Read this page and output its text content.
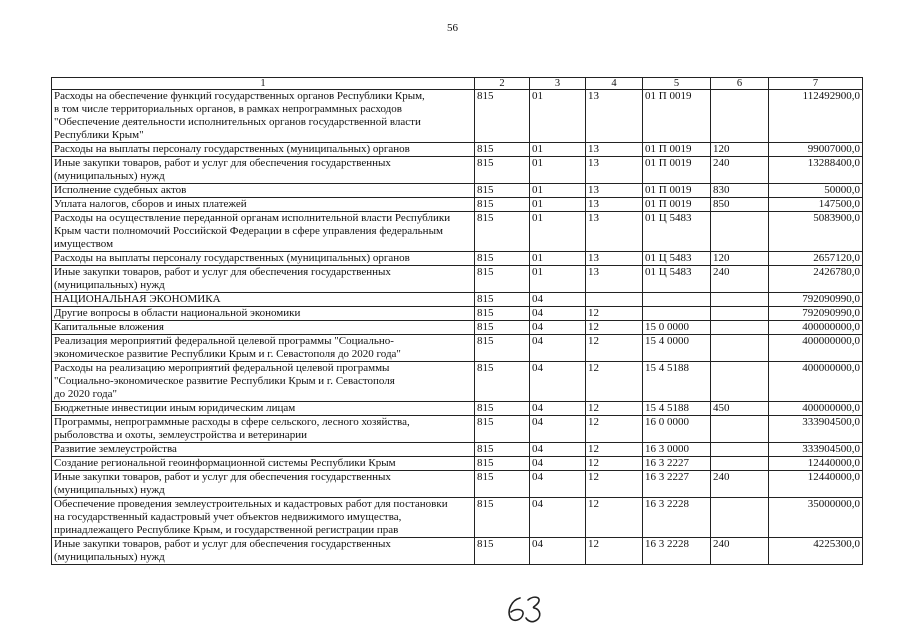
56
1	2	3	4	5	6	7
Расходы на обеспечение функций государственных органов Республики Крым,
в том числе территориальных органов, в рамках непрограммных расходов
"Обеспечение деятельности исполнительных органов государственной власти
Республики Крым"	815	01	13	01 П 0019		112492900,0
Расходы на выплаты персоналу государственных (муниципальных) органов	815	01	13	01 П 0019	120	99007000,0
Иные закупки товаров, работ и услуг для обеспечения государственных
(муниципальных) нужд	815	01	13	01 П 0019	240	13288400,0
Исполнение судебных актов	815	01	13	01 П 0019	830	50000,0
Уплата налогов, сборов и иных платежей	815	01	13	01 П 0019	850	147500,0
Расходы на осуществление переданной органам исполнительной власти Республики
Крым части полномочий Российской Федерации в сфере управления федеральным
имуществом	815	01	13	01 Ц 5483		5083900,0
Расходы на выплаты персоналу государственных (муниципальных) органов	815	01	13	01 Ц 5483	120	2657120,0
Иные закупки товаров, работ и услуг для обеспечения государственных
(муниципальных) нужд	815	01	13	01 Ц 5483	240	2426780,0
НАЦИОНАЛЬНАЯ ЭКОНОМИКА	815	04				792090990,0
Другие вопросы в области национальной экономики	815	04	12			792090990,0
Капитальные вложения	815	04	12	15 0 0000		400000000,0
Реализация мероприятий федеральной целевой программы "Социально-
экономическое развитие Республики Крым и г. Севастополя до 2020 года"	815	04	12	15 4 0000		400000000,0
Расходы на реализацию мероприятий федеральной целевой программы
"Социально-экономическое развитие Республики Крым и г. Севастополя
до 2020 года"	815	04	12	15 4 5188		400000000,0
Бюджетные инвестиции иным юридическим лицам	815	04	12	15 4 5188	450	400000000,0
Программы, непрограммные расходы в сфере сельского, лесного хозяйства,
рыболовства и охоты, землеустройства и ветеринарии	815	04	12	16 0 0000		333904500,0
Развитие землеустройства	815	04	12	16 3 0000		333904500,0
Создание региональной геоинформационной системы Республики Крым	815	04	12	16 3 2227		12440000,0
Иные закупки товаров, работ и услуг для обеспечения государственных
(муниципальных) нужд	815	04	12	16 3 2227	240	12440000,0
Обеспечение проведения землеустроительных и кадастровых работ для постановки
на государственный кадастровый учет объектов недвижимого имущества,
принадлежащего Республике Крым, и государственной регистрации прав	815	04	12	16 3 2228		35000000,0
Иные закупки товаров, работ и услуг для обеспечения государственных
(муниципальных) нужд	815	04	12	16 3 2228	240	4225300,0
